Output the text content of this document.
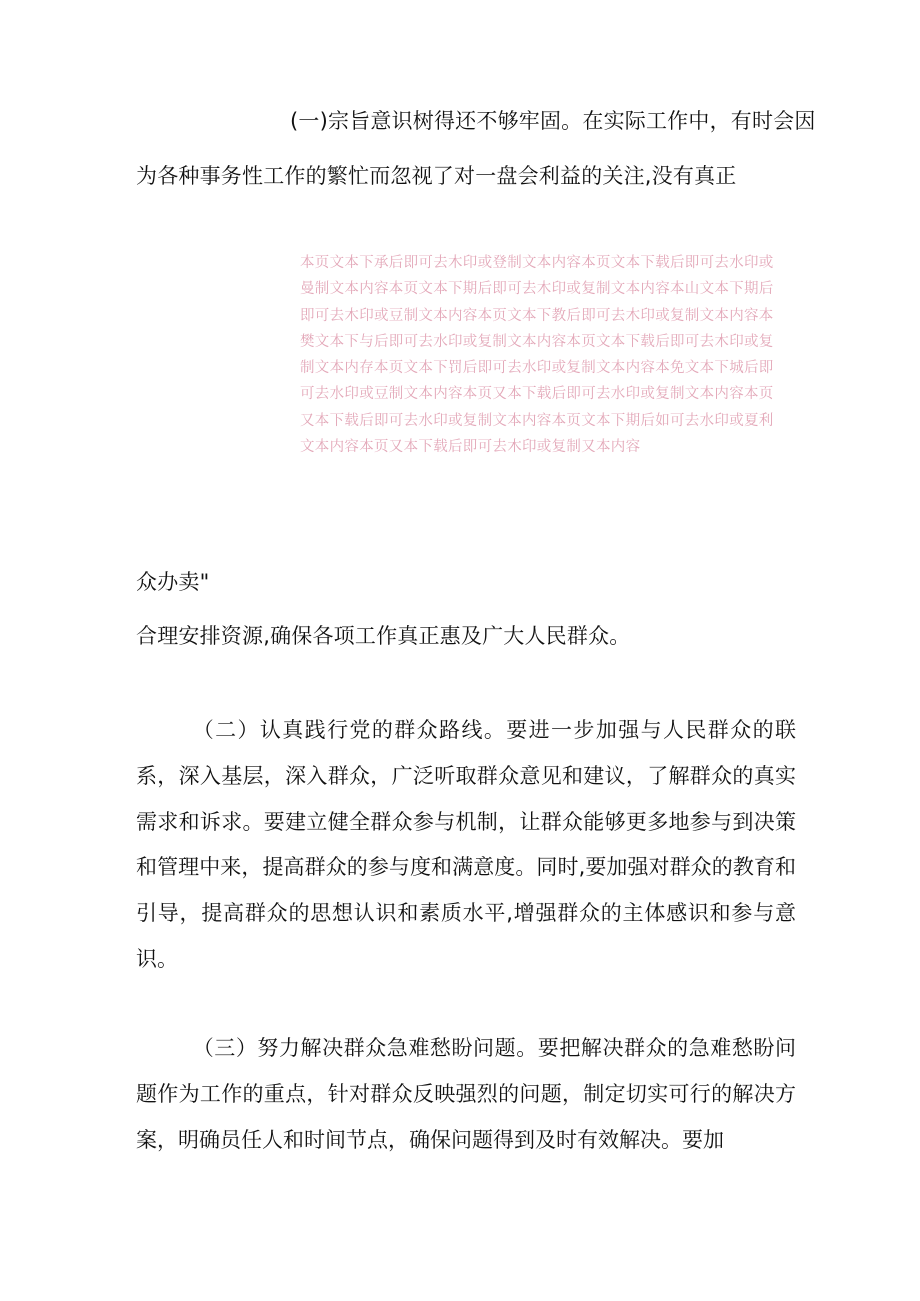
(一)宗旨意识树得还不够牢固。在实际工作中，有时会因
为各种事务性工作的繁忙而忽视了对一盘会利益的关注,没有真正

本页文本下承后即可去木印或登制文本内容本页文本下载后即可去水印或曼制文本内容本页文本下期后即可去木印或复制文本内容本山文本下期后即可去木印或豆制文本内容本页文本下教后即可去木印或复制文本内容本樊文本下与后即可去水印或复制文本内容本页文本下载后即可去木印或复制文本内存本页文本下罚后即可去水印或复制文本内容本免文本下城后即可去水印或豆制文本内容本页又本下载后即可去水印或复制文本内容本页又本下载后即可去水印或复制文本内容本页文本下期后如可去水印或夏利文本内容本页又本下载后即可去木印或复制又本内容

众办卖"
合理安排资源,确保各项工作真正惠及广大人民群众。

（二）认真践行党的群众路线。要进一步加强与人民群众的联系，深入基层，深入群众，广泛听取群众意见和建议，了解群众的真实需求和诉求。要建立健全群众参与机制，让群众能够更多地参与到决策和管理中来，提高群众的参与度和满意度。同时,要加强对群众的教育和引导，提高群众的思想认识和素质水平,增强群众的主体感识和参与意识。

（三）努力解决群众急难愁盼问题。要把解决群众的急难愁盼问题作为工作的重点，针对群众反映强烈的问题，制定切实可行的解决方案，明确员任人和时间节点，确保问题得到及时有效解决。要加
